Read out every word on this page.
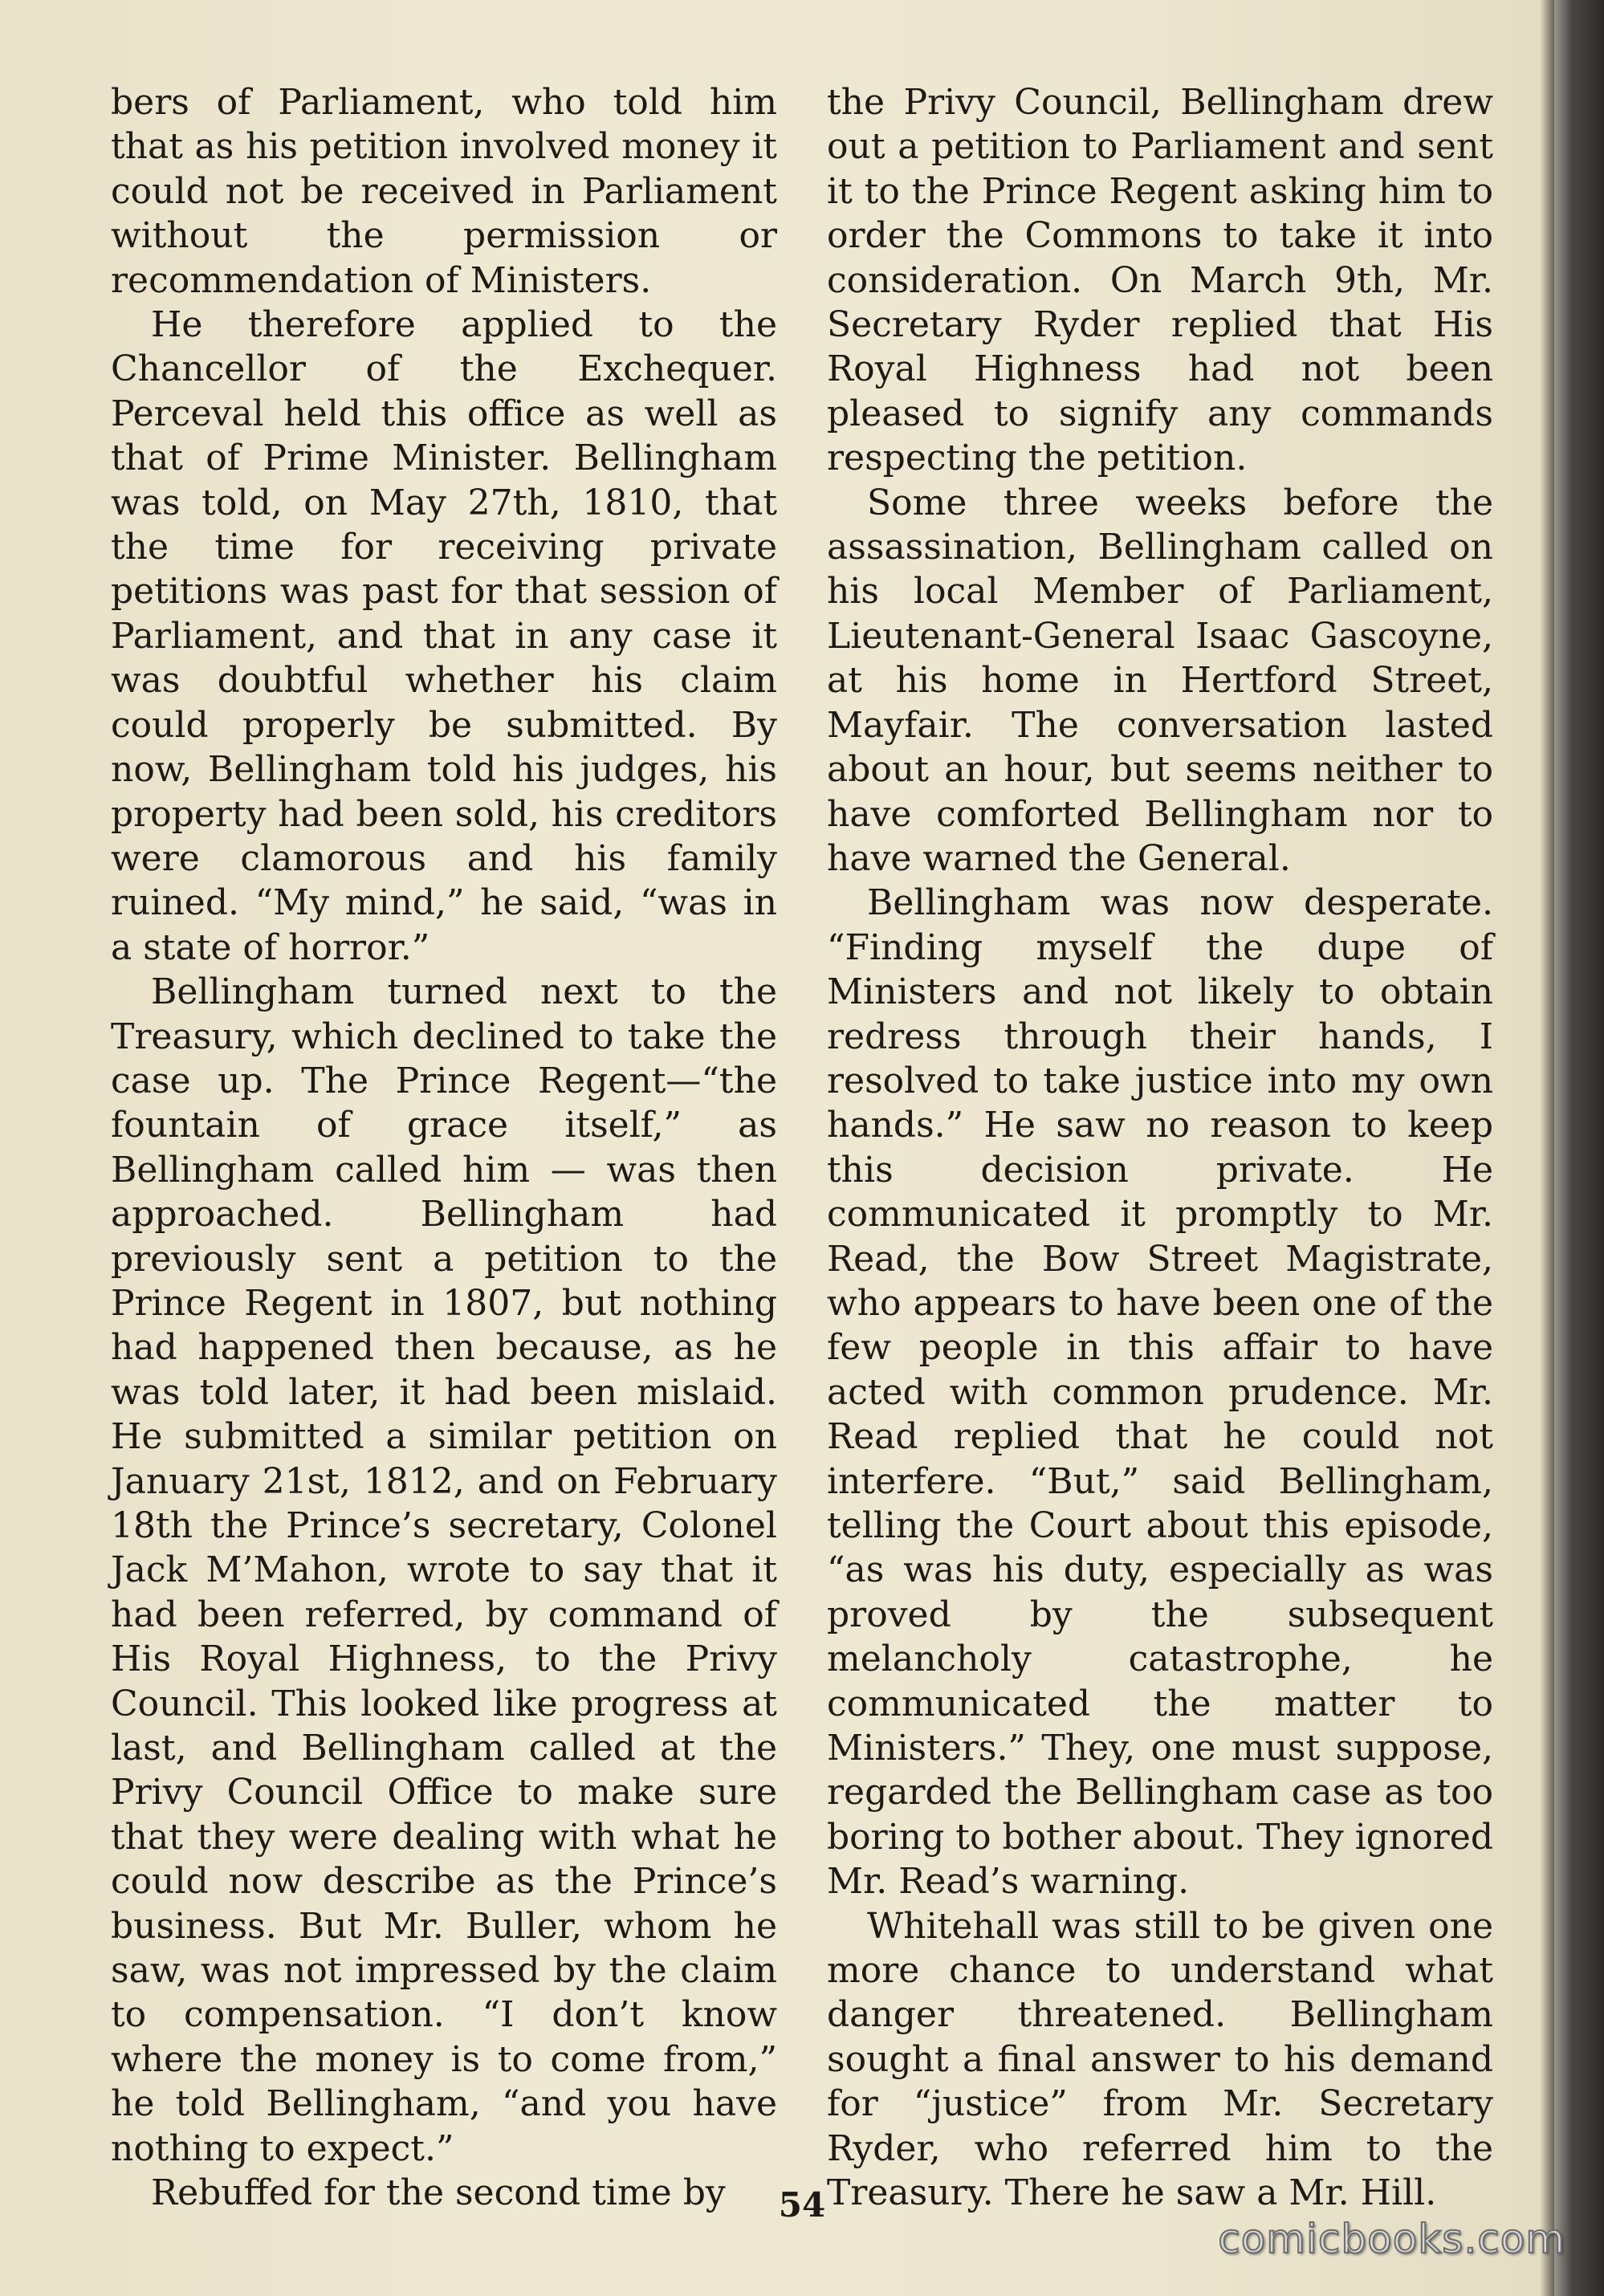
bers of Parliament, who told him that as his petition involved money it could not be received in Parliament without the permission or recommendation of Ministers.

He therefore applied to the Chancellor of the Exchequer. Perceval held this office as well as that of Prime Minister. Bellingham was told, on May 27th, 1810, that the time for receiving private petitions was past for that session of Parliament, and that in any case it was doubtful whether his claim could properly be submitted. By now, Bellingham told his judges, his property had been sold, his creditors were clamorous and his family ruined. “My mind,” he said, “was in a state of horror.”

Bellingham turned next to the Treasury, which declined to take the case up. The Prince Regent—“the fountain of grace itself,” as Bellingham called him — was then approached. Bellingham had previously sent a petition to the Prince Regent in 1807, but nothing had happened then because, as he was told later, it had been mislaid. He submitted a similar petition on January 21st, 1812, and on February 18th the Prince’s secretary, Colonel Jack M’Mahon, wrote to say that it had been referred, by command of His Royal Highness, to the Privy Council. This looked like progress at last, and Bellingham called at the Privy Council Office to make sure that they were dealing with what he could now describe as the Prince’s business. But Mr. Buller, whom he saw, was not impressed by the claim to compensation. “I don’t know where the money is to come from,” he told Bellingham, “and you have nothing to expect.”

Rebuffed for the second time by

the Privy Council, Bellingham drew out a petition to Parliament and sent it to the Prince Regent asking him to order the Commons to take it into consideration. On March 9th, Mr. Secretary Ryder replied that His Royal Highness had not been pleased to signify any commands respecting the petition.

Some three weeks before the assassination, Bellingham called on his local Member of Parliament, Lieutenant-General Isaac Gascoyne, at his home in Hertford Street, Mayfair. The conversation lasted about an hour, but seems neither to have comforted Bellingham nor to have warned the General.

Bellingham was now desperate. “Finding myself the dupe of Ministers and not likely to obtain redress through their hands, I resolved to take justice into my own hands.” He saw no reason to keep this decision private. He communicated it promptly to Mr. Read, the Bow Street Magistrate, who appears to have been one of the few people in this affair to have acted with common prudence. Mr. Read replied that he could not interfere. “But,” said Bellingham, telling the Court about this episode, “as was his duty, especially as was proved by the subsequent melancholy catastrophe, he communicated the matter to Ministers.” They, one must suppose, regarded the Bellingham case as too boring to bother about. They ignored Mr. Read’s warning.

Whitehall was still to be given one more chance to understand what danger threatened. Bellingham sought a final answer to his demand for “justice” from Mr. Secretary Ryder, who referred him to the Treasury. There he saw a Mr. Hill.

54
comicbooks.com
